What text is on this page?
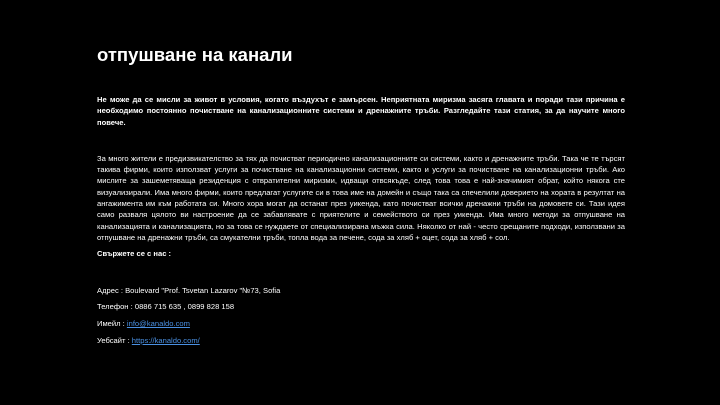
отпушване на канали

Не може да се мисли за живот в условия, когато въздухът е замърсен. Неприятната миризма засяга главата и поради тази причина е необходимо постоянно почистване на канализационните системи и дренажните тръби. Разгледайте тази статия, за да научите много повече.

За много жители е предизвикателство за тях да почистват периодично канализационните си системи, както и дренажните тръби. Така че те търсят такива фирми, които използват услуги за почистване на канализационни системи, както и услуги за почистване на канализационни тръби. Ако мислите за зашеметяваща резиденция с отвратителни миризми, идващи отвсякъде, след това това е най-значимият обрат, който някога сте визуализирали. Има много фирми, които предлагат услугите си в това име на домейн и също така са спечелили доверието на хората в резултат на ангажимента им към работата си. Много хора могат да останат през уикенда, като почистват всички дренажни тръби на домовете си. Тази идея само разваля цялото ви настроение да се забавлявате с приятелите и семейството си през уикенда. Има много методи за отпушване на канализацията и канализацията, но за това се нуждаете от специализирана мъжка сила. Няколко от най - често срещаните подходи, използвани за отпушване на дренажни тръби, са смукателни тръби, топла вода за печене, сода за хляб + оцет, сода за хляб + сол.

Свържете се с нас :

Адрес : Boulevard "Prof. Tsvetan Lazarov "№73, Sofia

Телефон : 0886 715 635 , 0899 828 158

Имейл : info@kanaldo.com

Уебсайт : https://kanaldo.com/
